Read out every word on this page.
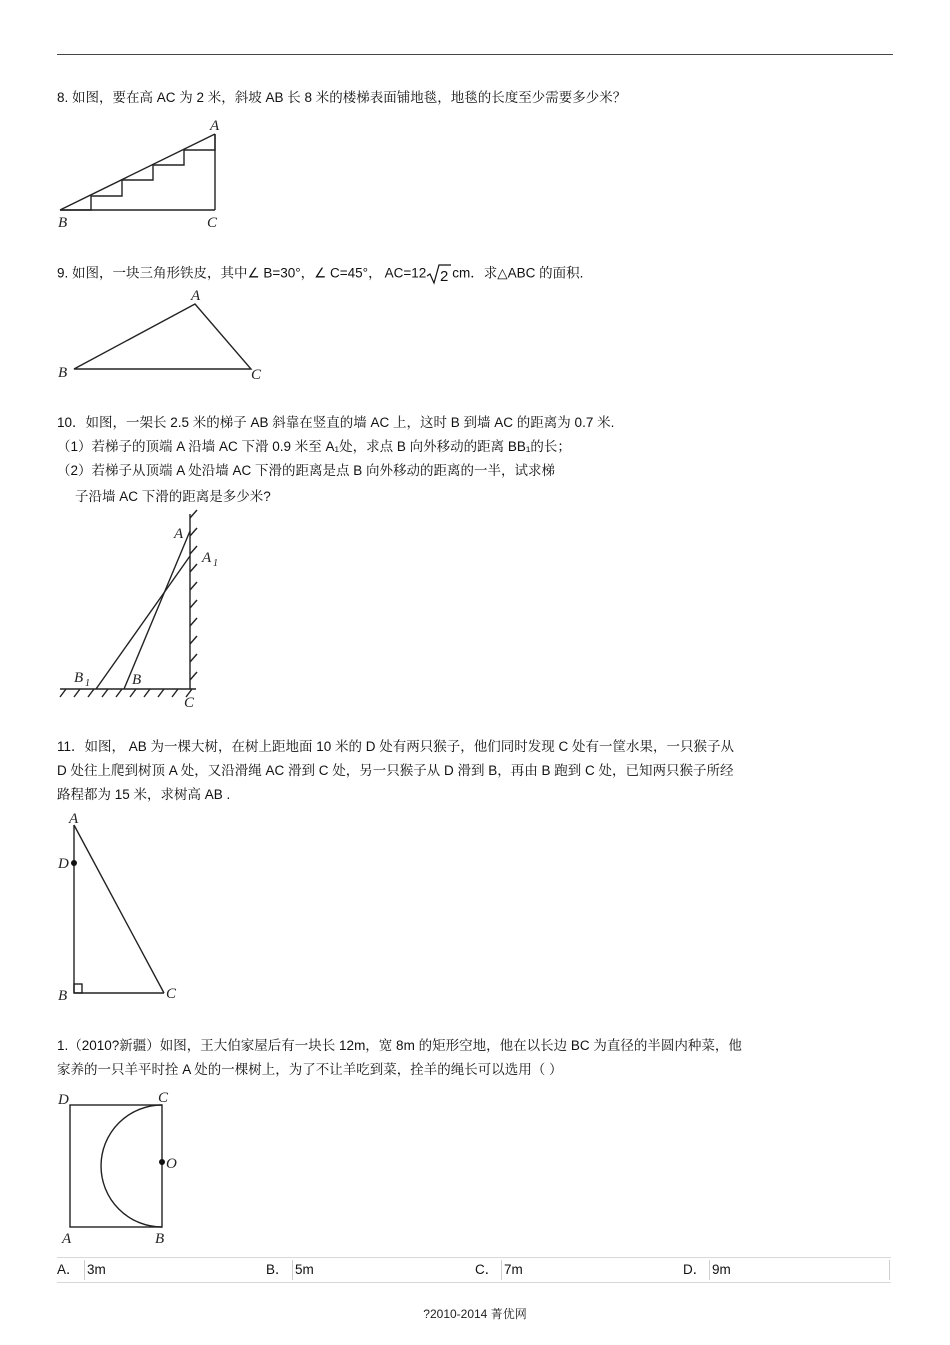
8. 如图，要在高 AC 为 2 米，斜坡 AB 长 8 米的楼梯表面铺地毯，地毯的长度至少需要多少米？
A
B	C
9. 如图，一块三角形铁皮，其中∠ B=30°，∠ C=45°， AC=12 2 cm．求△ABC 的面积.
A
B	C
10．如图，一架长 2.5 米的梯子 AB 斜靠在竖直的墙 AC 上，这时 B 到墙 AC 的距离为 0.7 米.
（1）若梯子的顶端 A 沿墙 AC 下滑 0.9 米至 A₁处，求点 B 向外移动的距离 BB₁的长；
（2）若梯子从顶端 A 处沿墙 AC 下滑的距离是点 B 向外移动的距离的一半，试求梯
子沿墙 AC 下滑的距离是多少米?
A
A 1
B 1	B
C
11．如图， AB 为一棵大树，在树上距地面 10 米的 D 处有两只猴子，他们同时发现 C 处有一筐水果，一只猴子从
D 处往上爬到树顶 A 处，又沿滑绳 AC 滑到 C 处，另一只猴子从 D 滑到 B，再由 B 跑到 C 处，已知两只猴子所经
路程都为 15 米，求树高 AB .
A
D
B	C
1.（2010?新疆）如图，王大伯家屋后有一块长 12m，宽 8m 的矩形空地，他在以长边 BC 为直径的半圆内种菜，他
家养的一只羊平时拴 A 处的一棵树上，为了不让羊吃到菜，拴羊的绳长可以选用（ ）
D	C
O
A	B
A． 3m	B． 5m	C． 7m	D． 9m
?2010-2014 菁优网
